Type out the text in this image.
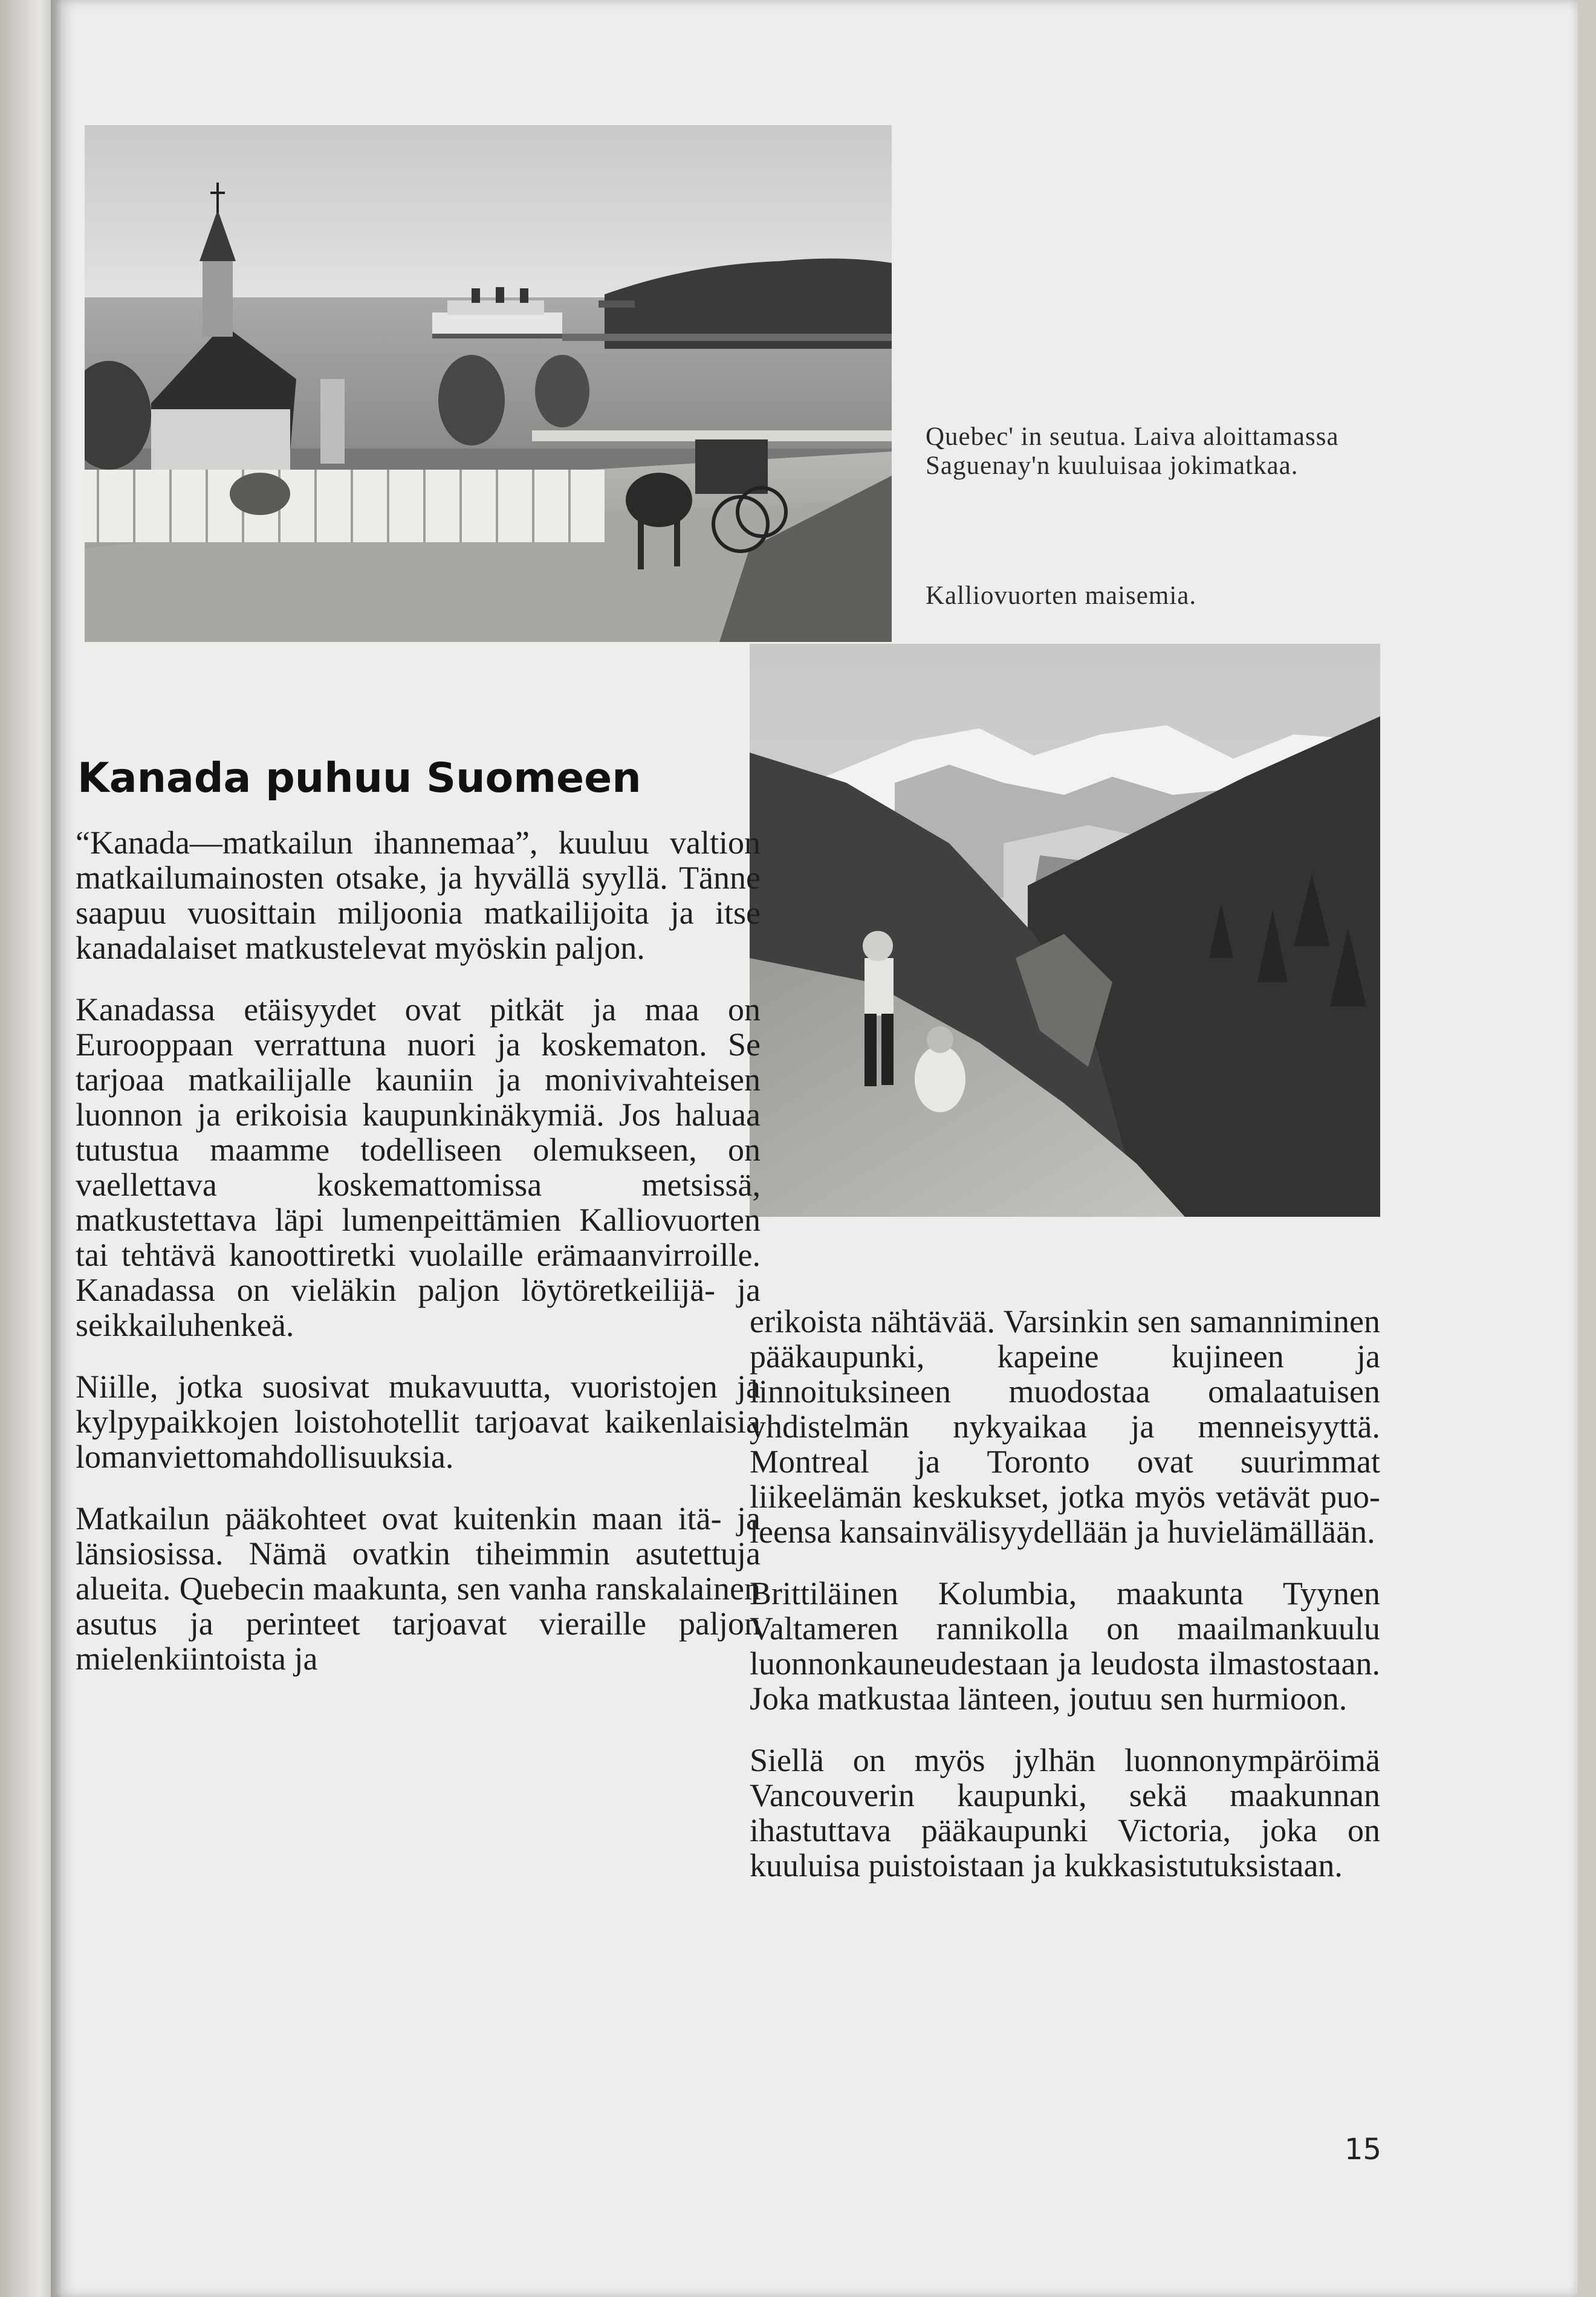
Quebec' in seutua. Laiva aloittamassa Saguenay'n kuuluisaa jokimatkaa.
Kalliovuorten maisemia.
Kanada puhuu Suomeen

“Kanada—matkailun ihannemaa”, kuuluu valtion matkailumainosten otsake, ja hyvällä syyllä. Tänne saapuu vuosittain miljoonia matkailijoita ja itse kanadalaiset matkustelevat myöskin paljon.

Kanadassa etäisyydet ovat pitkät ja maa on Eurooppaan verrattuna nuori ja koskematon. Se tarjoaa matkailijalle kauniin ja monivivahteisen luonnon ja erikoisia kaupunkinäkymiä. Jos haluaa tutustua maamme todelliseen olemukseen, on vaellettava koskemattomissa metsissä, matkustettava läpi lumenpeittämien Kalliovuorten tai tehtävä kanoottiretki vuolaille erämaanvirroille. Kanadassa on vieläkin paljon löytöretkeilijä- ja seikkailuhenkeä.

Niille, jotka suosivat mukavuutta, vuoristojen ja kylpypaikkojen loistohotellit tarjoavat kaikenlaisia lomanviettomahdollisuuksia.

Matkailun pääkohteet ovat kuitenkin maan itä- ja länsiosissa. Nämä ovatkin tiheimmin asutettuja alueita. Quebecin maakunta, sen vanha ranskalainen asutus ja perinteet tarjoavat vieraille paljon mielenkiintoista ja

erikoista nähtävää. Varsinkin sen samanniminen pääkaupunki, kapeine kujineen ja linnoituksineen muodostaa omalaatuisen yhdistelmän nykyaikaa ja menneisyyttä. Montreal ja Toronto ovat suurimmat liikeelämän keskukset, jotka myös vetävät puoleensa kansainvälisyydellään ja huvielämällään.

Brittiläinen Kolumbia, maakunta Tyynen Valtameren rannikolla on maailmankuulu luonnonkauneudestaan ja leudosta ilmastostaan. Joka matkustaa länteen, joutuu sen hurmioon.

Siellä on myös jylhän luonnonympäröimä Vancouverin kaupunki, sekä maakunnan ihastuttava pääkaupunki Victoria, joka on kuuluisa puistoistaan ja kukkasistutuksistaan.

15
